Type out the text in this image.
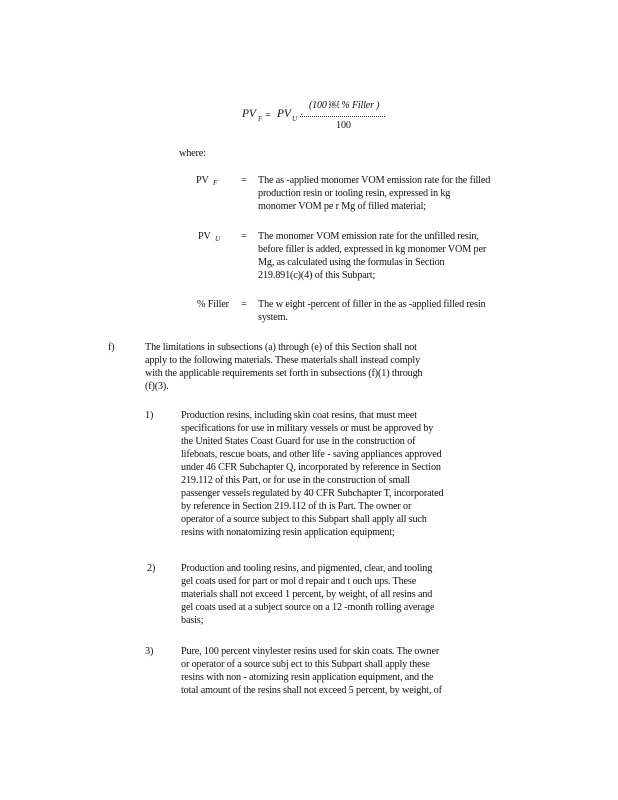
PV F = PV U ·
(100 ￼ % Filler )
100
where:
PV F = The as -applied monomer VOM emission rate for the filled
production resin or tooling resin, expressed in kg
monomer VOM pe r Mg of filled material;
PV U = The monomer VOM emission rate for the unfilled resin,
before filler is added, expressed in kg monomer VOM per
Mg, as calculated using the formulas in Section
219.891(c)(4) of this Subpart;
% Filler = The w eight -percent of filler in the as -applied filled resin
system.
f)	The limitations in subsections (a) through (e) of this Section shall not
apply to the following materials. These materials shall instead comply
with the applicable requirements set forth in subsections (f)(1) through
(f)(3).
1)	Production resins, including skin coat resins, that must meet
specifications for use in military vessels or must be approved by
the United States Coast Guard for use in the construction of
lifeboats, rescue boats, and other life - saving appliances approved
under 46 CFR Subchapter Q, incorporated by reference in Section
219.112 of this Part, or for use in the construction of small
passenger vessels regulated by 40 CFR Subchapter T, incorporated
by reference in Section 219.112 of th is Part. The owner or
operator of a source subject to this Subpart shall apply all such
resins with nonatomizing resin application equipment;
2)	Production and tooling resins, and pigmented, clear, and tooling
gel coats used for part or mol d repair and t ouch ups. These
materials shall not exceed 1 percent, by weight, of all resins and
gel coats used at a subject source on a 12 -month rolling average
basis;
3)	Pure, 100 percent vinylester resins used for skin coats. The owner
or operator of a source subj ect to this Subpart shall apply these
resins with non - atomizing resin application equipment, and the
total amount of the resins shall not exceed 5 percent, by weight, of
